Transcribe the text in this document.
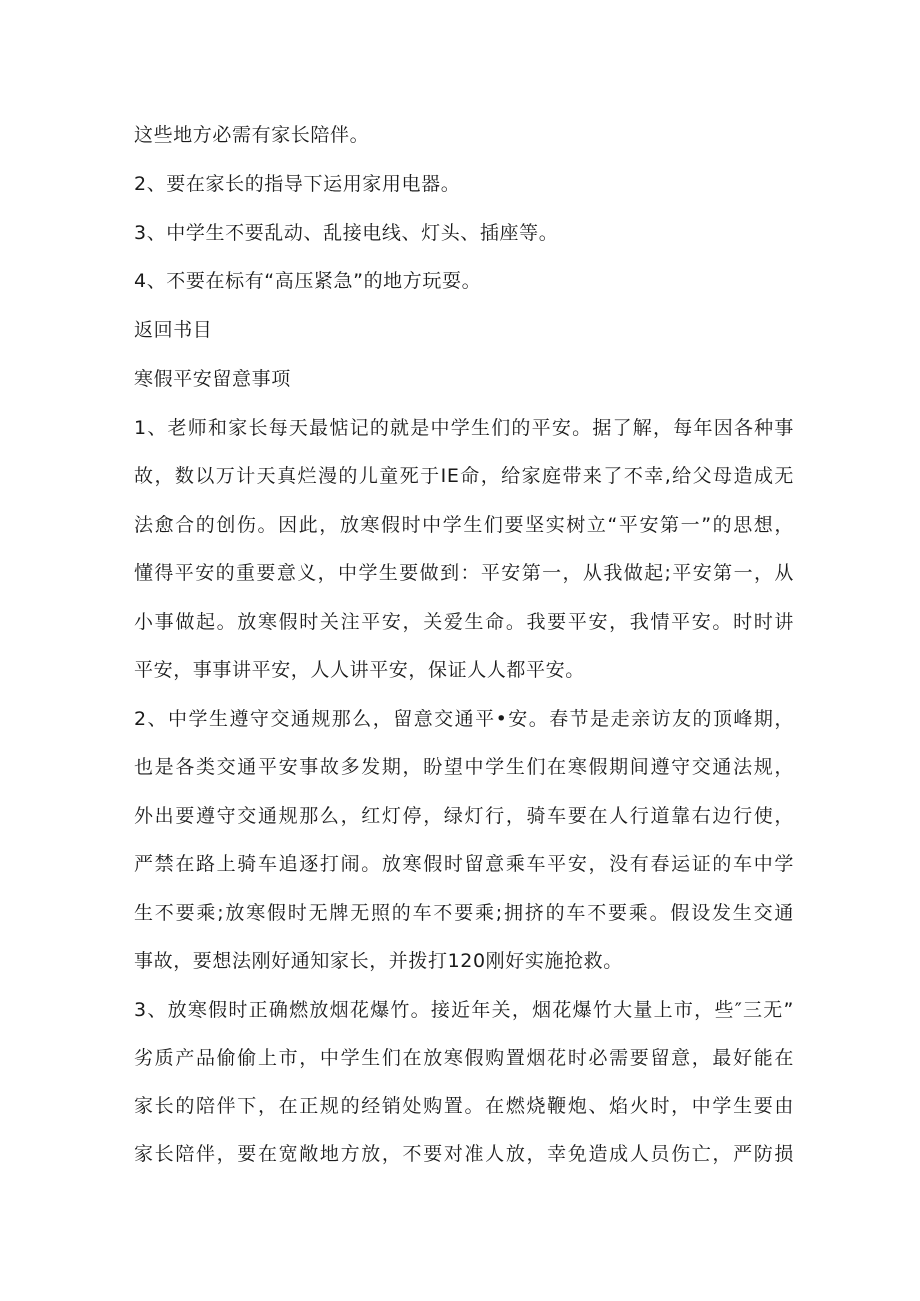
这些地方必需有家长陪伴。
2、要在家长的指导下运用家用电器。
3、中学生不要乱动、乱接电线、灯头、插座等。
4、不要在标有“高压紧急”的地方玩耍。
返回书目
寒假平安留意事项
1、老师和家长每天最惦记的就是中学生们的平安。据了解，每年因各种事
故，数以万计天真烂漫的儿童死于IE命，给家庭带来了不幸,给父母造成无
法愈合的创伤。因此，放寒假时中学生们要坚实树立“平安第一”的思想，
懂得平安的重要意义，中学生要做到：平安第一，从我做起;平安第一，从
小事做起。放寒假时关注平安，关爱生命。我要平安，我情平安。时时讲
平安，事事讲平安，人人讲平安，保证人人都平安。
2、中学生遵守交通规那么，留意交通平•安。春节是走亲访友的顶峰期，
也是各类交通平安事故多发期，盼望中学生们在寒假期间遵守交通法规，
外出要遵守交通规那么，红灯停，绿灯行，骑车要在人行道靠右边行使，
严禁在路上骑车追逐打闹。放寒假时留意乘车平安，没有春运证的车中学
生不要乘;放寒假时无牌无照的车不要乘;拥挤的车不要乘。假设发生交通
事故，要想法刚好通知家长，并拨打120刚好实施抢救。
3、放寒假时正确燃放烟花爆竹。接近年关，烟花爆竹大量上市，些″三无”
劣质产品偷偷上市，中学生们在放寒假购置烟花时必需要留意，最好能在
家长的陪伴下，在正规的经销处购置。在燃烧鞭炮、焰火时，中学生要由
家长陪伴，要在宽敞地方放，不要对准人放，幸免造成人员伤亡，严防损
